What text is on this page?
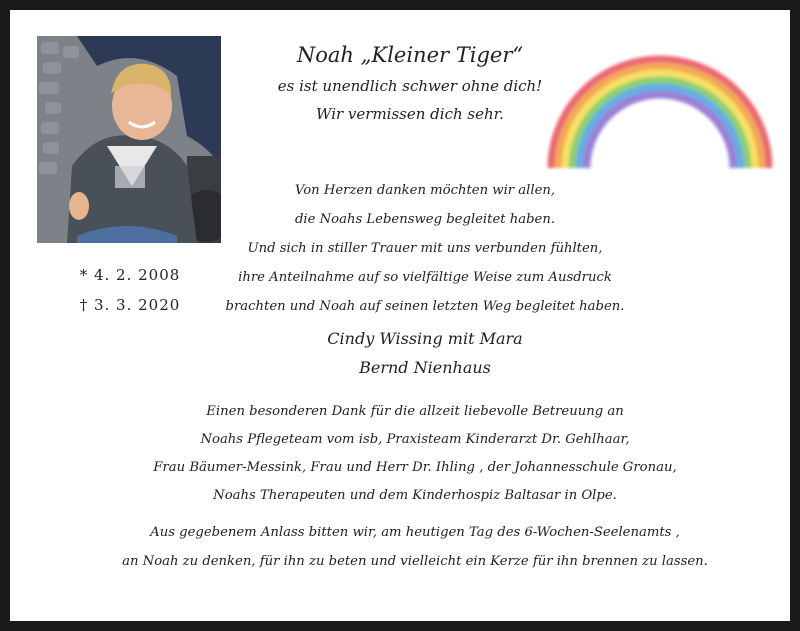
* 4. 2. 2008
† 3. 3. 2020
Noah „Kleiner Tiger“
es ist unendlich schwer ohne dich!
Wir vermissen dich sehr.
Von Herzen danken möchten wir allen,
die Noahs Lebensweg begleitet haben.
Und sich in stiller Trauer mit uns verbunden fühlten,
ihre Anteilnahme auf so vielfältige Weise zum Ausdruck
brachten und Noah auf seinen letzten Weg begleitet haben.
Cindy Wissing mit Mara
Bernd Nienhaus
Einen besonderen Dank für die allzeit liebevolle Betreuung an
Noahs Pflegeteam vom isb, Praxisteam Kinderarzt Dr. Gehlhaar,
Frau Bäumer-Messink, Frau und Herr Dr. Ihling , der Johannesschule Gronau,
Noahs Therapeuten und dem Kinderhospiz Baltasar in Olpe.
Aus gegebenem Anlass bitten wir, am heutigen Tag des 6-Wochen-Seelenamts ,
an Noah zu denken, für ihn zu beten und vielleicht ein Kerze für ihn brennen zu lassen.
